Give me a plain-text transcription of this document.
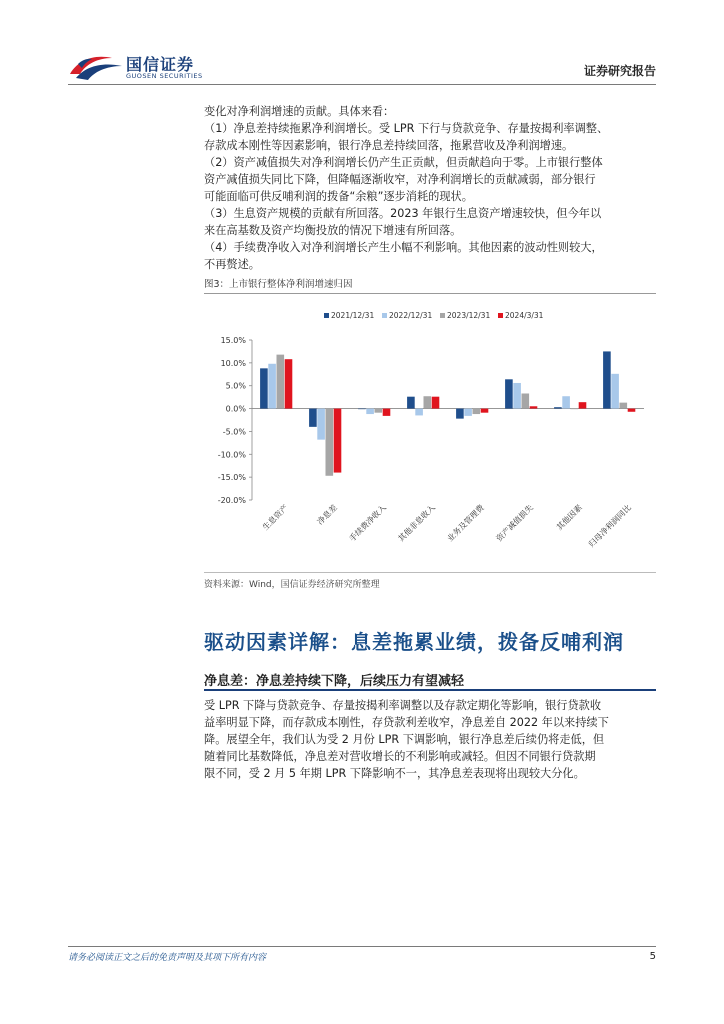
国信证券
GUOSEN SECURITIES	证券研究报告

变化对净利润增速的贡献。具体来看：

（1）净息差持续拖累净利润增长。受 LPR 下行与贷款竞争、存量按揭利率调整、

存款成本刚性等因素影响，银行净息差持续回落，拖累营收及净利润增速。

（2）资产减值损失对净利润增长仍产生正贡献，但贡献趋向于零。上市银行整体

资产减值损失同比下降，但降幅逐渐收窄，对净利润增长的贡献减弱，部分银行

可能面临可供反哺利润的拨备“余粮”逐步消耗的现状。

（3）生息资产规模的贡献有所回落。2023 年银行生息资产增速较快，但今年以

来在高基数及资产均衡投放的情况下增速有所回落。

（4）手续费净收入对净利润增长产生小幅不利影响。其他因素的波动性则较大，

不再赘述。

图3：上市银行整体净利润增速归因
15.0%
10.0%
5.0%
0.0%
-5.0%
-10.0%
-15.0%
-20.0%
2021/12/31 2022/12/31 2023/12/31 2024/3/31
生息资产	净息差 手续费净收入 其他非息收入 业务及管理费 资产减值损失	其他因素 归母净利润同比
资料来源：Wind，国信证券经济研究所整理
驱动因素详解：息差拖累业绩，拨备反哺利润
净息差：净息差持续下降，后续压力有望减轻

受 LPR 下降与贷款竞争、存量按揭利率调整以及存款定期化等影响，银行贷款收

益率明显下降，而存款成本刚性，存贷款利差收窄，净息差自 2022 年以来持续下

降。展望全年，我们认为受 2 月份 LPR 下调影响，银行净息差后续仍将走低，但

随着同比基数降低，净息差对营收增长的不利影响或减轻。但因不同银行贷款期

限不同，受 2 月 5 年期 LPR 下降影响不一，其净息差表现将出现较大分化。

请务必阅读正文之后的免责声明及其项下所有内容	5
